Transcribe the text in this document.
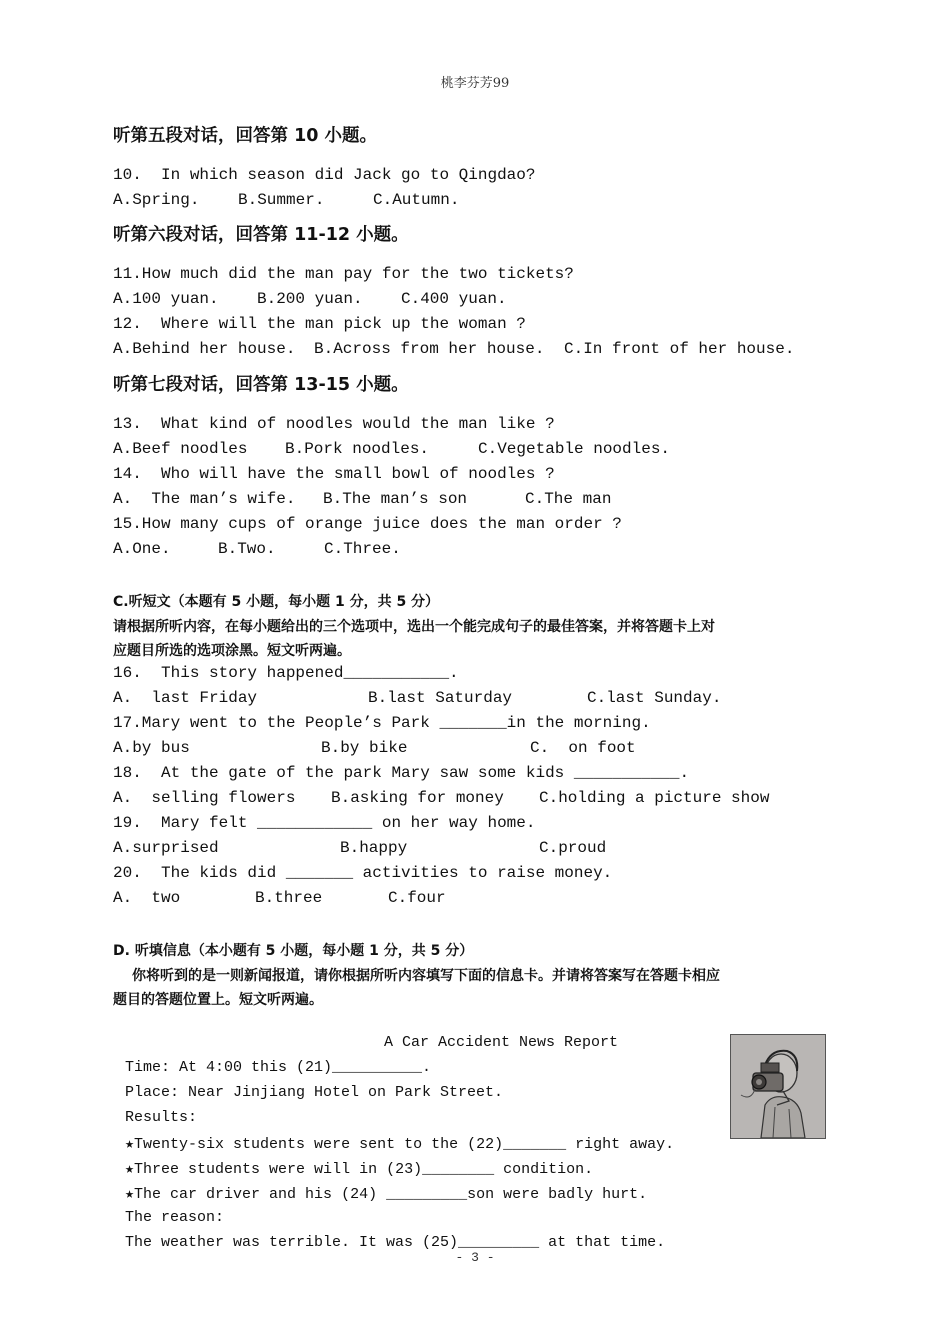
桃李芬芳99
听第五段对话，回答第 10 小题。
10.  In which season did Jack go to Qingdao?
A.Spring. B.Summer.	C.Autumn.
听第六段对话，回答第 11-12 小题。
11.How much did the man pay for the two tickets?
A.100 yuan. B.200 yuan. C.400 yuan.
12.  Where will the man pick up the woman ?
A.Behind her house. B.Across from her house. C.In front of her house.
听第七段对话，回答第 13-15 小题。
13.  What kind of noodles would the man like ?
A.Beef noodles B.Pork noodles.	C.Vegetable noodles.
14.  Who will have the small bowl of noodles ?
A.  The man’s wife. B.The man’s son	C.The man
15.How many cups of orange juice does the man order ?
A.One.	B.Two.	C.Three.
C.听短文（本题有 5 小题，每小题 1 分，共 5 分）
请根据所听内容，在每小题给出的三个选项中，选出一个能完成句子的最佳答案，并将答题卡上对
应题目所选的选项涂黑。短文听两遍。
16.  This story happened___________.
A.  last Friday	B.last Saturday	C.last Sunday.
17.Mary went to the People’s Park _______in the morning.
A.by bus	B.by bike	C.  on foot
18.  At the gate of the park Mary saw some kids ___________.
A.  selling flowers B.asking for money C.holding a picture show
19.  Mary felt ____________ on her way home.
A.surprised	B.happy	C.proud
20.  The kids did _______ activities to raise money.
A.  two	B.three	C.four
D. 听填信息（本小题有 5 小题，每小题 1 分，共 5 分）
你将听到的是一则新闻报道，请你根据所听内容填写下面的信息卡。并请将答案写在答题卡相应
题目的答题位置上。短文听两遍。
A Car Accident News Report
Time: At 4:00 this (21)__________.
Place: Near Jinjiang Hotel on Park Street.
Results:
★Twenty-six students were sent to the (22)_______ right away.
★Three students were will in (23)________ condition.
★The car driver and his (24) _________son were badly hurt.
The reason:
The weather was terrible. It was (25)_________ at that time.
- 3 -
